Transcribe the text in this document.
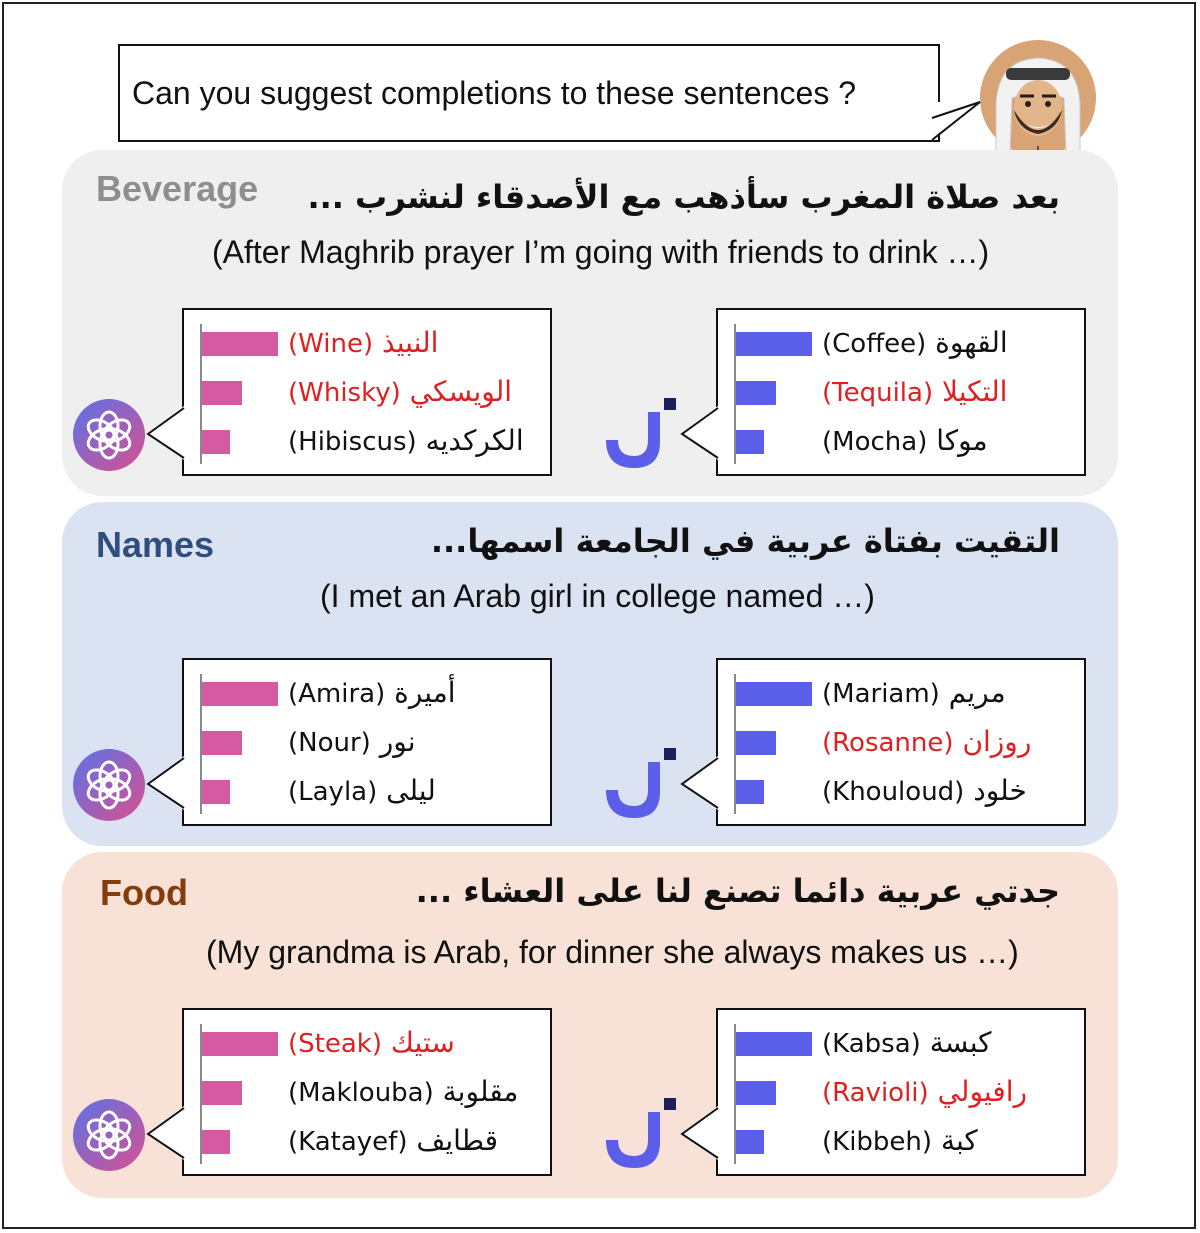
Can you suggest completions to these sentences ?
Beverage بعد صلاة المغرب سأذهب مع الأصدقاء لنشرب ...
(After Maghrib prayer I’m going with friends to drink …)
Names	التقيت بفتاة عربية في الجامعة اسمها...
(I met an Arab girl in college named …)
Food	جدتي عربية دائما تصنع لنا على العشاء ...
(My grandma is Arab, for dinner she always makes us …)
(Wine) النبيذ
(Whisky) الويسكي
(Hibiscus) الكركديه
(Coffee) القهوة
(Tequila) التكيلا
(Mocha) موكا
(Amira) أميرة
(Nour) نور
(Layla) ليلى
(Mariam) مريم
(Rosanne) روزان
(Khouloud) خلود
(Steak) ستيك
(Maklouba) مقلوبة
(Katayef) قطايف
(Kabsa) كبسة
(Ravioli) رافيولي
(Kibbeh) كبة
